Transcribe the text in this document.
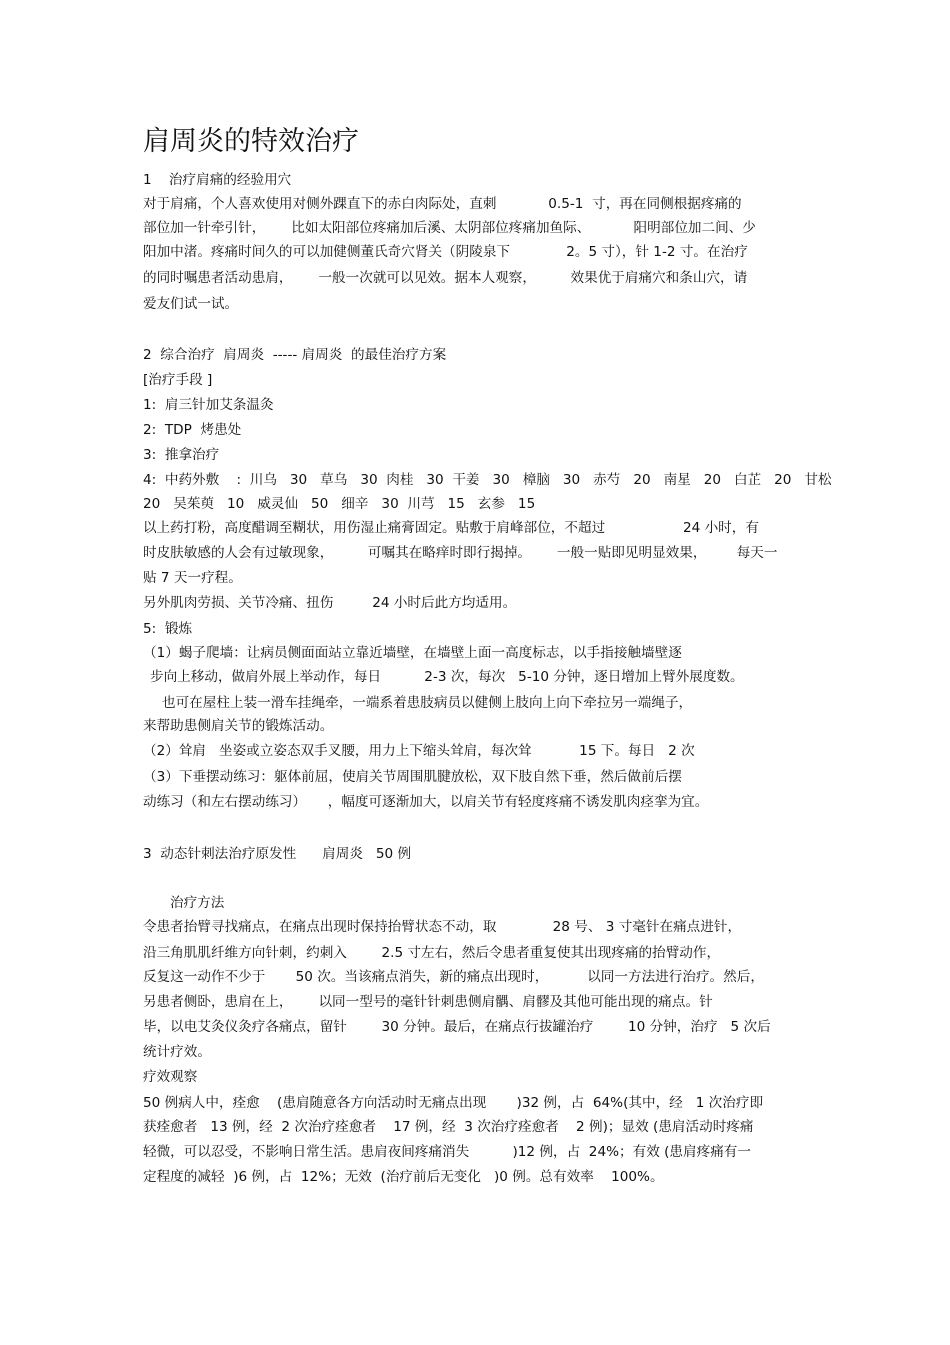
肩周炎的特效治疗
1    治疗肩痛的经验用穴
对于肩痛，个人喜欢使用对侧外踝直下的赤白肉际处，直刺            0.5-1  寸，再在同侧根据疼痛的
部位加一针牵引针，      比如太阳部位疼痛加后溪、太阴部位疼痛加鱼际、          阳明部位加二间、少
阳加中渚。疼痛时间久的可以加健侧董氏奇穴肾关（阴陵泉下             2。5 寸），针 1-2 寸。在治疗
的同时嘱患者活动患肩，      一般一次就可以见效。据本人观察，        效果优于肩痛穴和条山穴，请
爱友们试一试。
2  综合治疗  肩周炎  ----- 肩周炎  的最佳治疗方案
[治疗手段 ]
1:  肩三针加艾条温灸
2:  TDP  烤患处
3:  推拿治疗
4:  中药外敷    :  川乌   30   草乌   30  肉桂   30  干姜   30   樟脑   30   赤芍   20   南星   20   白芷   20   甘松
20   吴茱萸   10   威灵仙   50   细辛   30  川芎   15   玄参   15
以上药打粉，高度醋调至糊状，用伤湿止痛膏固定。贴敷于肩峰部位，不超过                  24 小时，有
时皮肤敏感的人会有过敏现象，        可嘱其在略痒时即行揭掉。      一般一贴即见明显效果，       每天一
贴 7 天一疗程。
另外肌肉劳损、关节冷痛、扭伤         24 小时后此方均适用。
5:  锻炼
（1）蝎子爬墙：让病员侧面面站立靠近墙壁，在墙壁上面一高度标志，以手指接触墙壁逐
步向上移动，做肩外展上举动作，每日          2-3 次，每次   5-10 分钟，逐日增加上臂外展度数。
也可在屋柱上装一滑车挂绳牵，一端系着患肢病员以健侧上肢向上向下牵拉另一端绳子，
来帮助患侧肩关节的锻炼活动。
（2）耸肩   坐姿或立姿态双手叉腰，用力上下缩头耸肩，每次耸           15 下。每日   2 次
（3）下垂摆动练习：躯体前屈，使肩关节周围肌腱放松，双下肢自然下垂，然后做前后摆
动练习（和左右摆动练习）     ，幅度可逐渐加大，以肩关节有轻度疼痛不诱发肌肉痉挛为宜。
3  动态针刺法治疗原发性      肩周炎   50 例
治疗方法
令患者抬臂寻找痛点，在痛点出现时保持抬臂状态不动，取             28 号、 3 寸毫针在痛点进针，
沿三角肌肌纤维方向针刺，约刺入        2.5 寸左右，然后令患者重复使其出现疼痛的抬臂动作，
反复这一动作不少于       50 次。当该痛点消失，新的痛点出现时，         以同一方法进行治疗。然后，
另患者侧卧，患肩在上，      以同一型号的毫针针刺患侧肩髃、肩髎及其他可能出现的痛点。针
毕，以电艾灸仪灸疗各痛点，留针        30 分钟。最后，在痛点行拔罐治疗        10 分钟，治疗   5 次后
统计疗效。
疗效观察
50 例病人中，痊愈    (患肩随意各方向活动时无痛点出现       )32 例，占  64%(其中，经   1 次治疗即
获痊愈者   13 例，经  2 次治疗痊愈者    17 例，经  3 次治疗痊愈者    2 例)；显效 (患肩活动时疼痛
轻微，可以忍受，不影响日常生活。患肩夜间疼痛消失          )12 例，占  24%；有效 (患肩疼痛有一
定程度的减轻  )6 例，占  12%；无效  (治疗前后无变化   )0 例。总有效率    100%。
